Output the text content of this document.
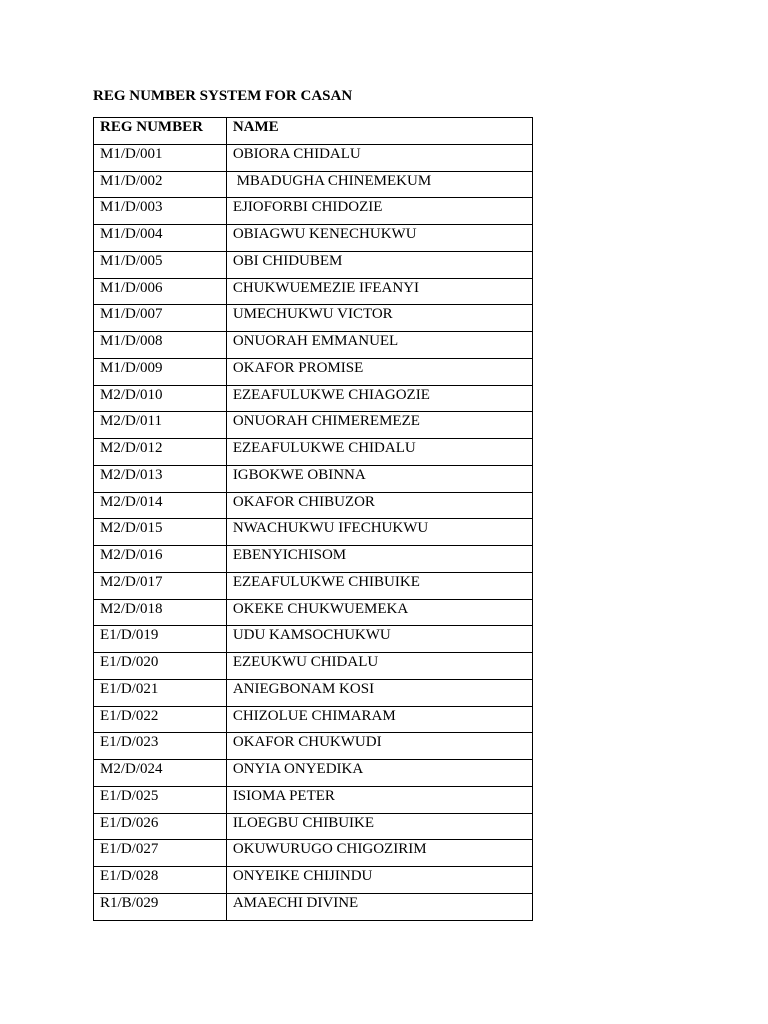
REG NUMBER SYSTEM FOR CASAN
REG NUMBER	NAME
M1/D/001	OBIORA CHIDALU
M1/D/002	MBADUGHA CHINEMEKUM
M1/D/003	EJIOFORBI CHIDOZIE
M1/D/004	OBIAGWU KENECHUKWU
M1/D/005	OBI CHIDUBEM
M1/D/006	CHUKWUEMEZIE IFEANYI
M1/D/007	UMECHUKWU VICTOR
M1/D/008	ONUORAH EMMANUEL
M1/D/009	OKAFOR PROMISE
M2/D/010	EZEAFULUKWE CHIAGOZIE
M2/D/011	ONUORAH CHIMEREMEZE
M2/D/012	EZEAFULUKWE CHIDALU
M2/D/013	IGBOKWE OBINNA
M2/D/014	OKAFOR CHIBUZOR
M2/D/015	NWACHUKWU IFECHUKWU
M2/D/016	EBENYICHISOM
M2/D/017	EZEAFULUKWE CHIBUIKE
M2/D/018	OKEKE CHUKWUEMEKA
E1/D/019	UDU KAMSOCHUKWU
E1/D/020	EZEUKWU CHIDALU
E1/D/021	ANIEGBONAM KOSI
E1/D/022	CHIZOLUE CHIMARAM
E1/D/023	OKAFOR CHUKWUDI
M2/D/024	ONYIA ONYEDIKA
E1/D/025	ISIOMA PETER
E1/D/026	ILOEGBU CHIBUIKE
E1/D/027	OKUWURUGO CHIGOZIRIM
E1/D/028	ONYEIKE CHIJINDU
R1/B/029	AMAECHI DIVINE
